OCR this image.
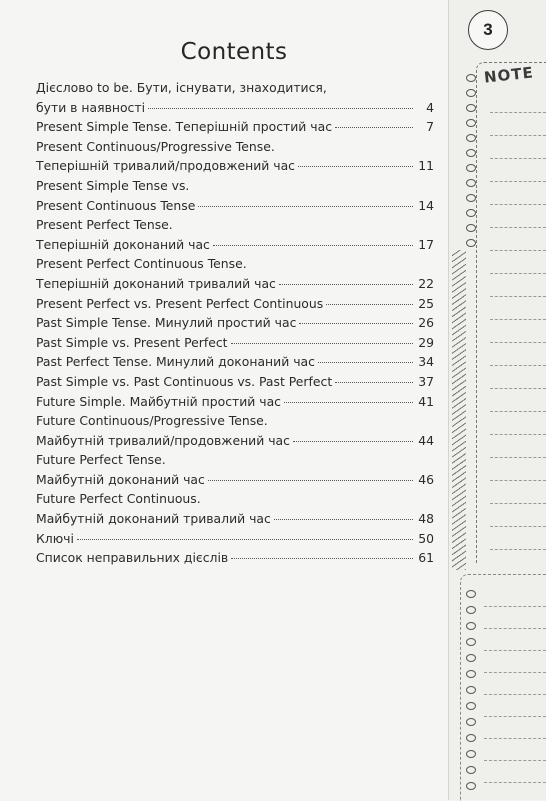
Contents
Дієслово to be. Бути, існувати, знаходитися,
бути в наявності	4
Present Simple Tense. Теперішній простий час	7
Present Continuous/Progressive Tense.
Теперішній тривалий/продовжений час	11
Present Simple Tense vs.
Present Continuous Tense	14
Present Perfect Tense.
Теперішній доконаний час	17
Present Perfect Continuous Tense.
Теперішній доконаний тривалий час	22
Present Perfect vs. Present Perfect Continuous	25
Past Simple Tense. Минулий простий час	26
Past Simple vs. Present Perfect	29
Past Perfect Tense. Минулий доконаний час	34
Past Simple vs. Past Continuous vs. Past Perfect	37
Future Simple. Майбутній простий час	41
Future Continuous/Progressive Tense.
Майбутній тривалий/продовжений час	44
Future Perfect Tense.
Майбутній доконаний час	46
Future Perfect Continuous.
Майбутній доконаний тривалий час	48
Ключі	50
Список неправильних дієслів	61
3
NOTE
